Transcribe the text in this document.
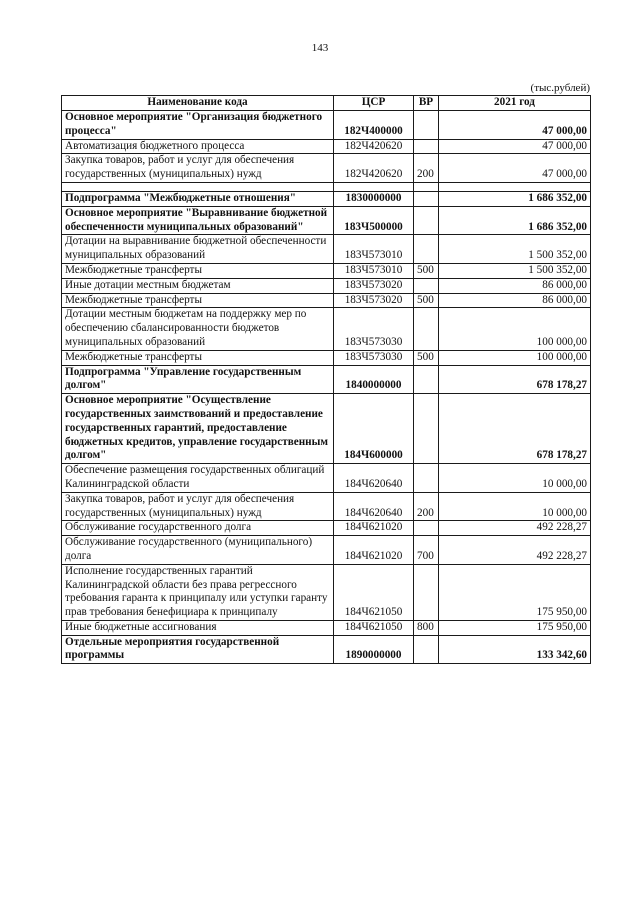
143
(тыс.рублей)
Наименование кода	ЦСР	ВР	2021 год
Основное мероприятие "Организация бюджетного процесса"	182Ч400000		47 000,00
Автоматизация бюджетного процесса	182Ч420620		47 000,00
Закупка товаров, работ и услуг для обеспечения государственных (муниципальных) нужд	182Ч420620	200	47 000,00

Подпрограмма "Межбюджетные отношения"	1830000000		1 686 352,00
Основное мероприятие "Выравнивание бюджетной обеспеченности муниципальных образований"	183Ч500000		1 686 352,00
Дотации на выравнивание бюджетной обеспеченности муниципальных образований	183Ч573010		1 500 352,00
Межбюджетные трансферты	183Ч573010	500	1 500 352,00
Иные дотации местным бюджетам	183Ч573020		86 000,00
Межбюджетные трансферты	183Ч573020	500	86 000,00
Дотации местным бюджетам на поддержку мер по обеспечению сбалансированности бюджетов муниципальных образований	183Ч573030		100 000,00
Межбюджетные трансферты	183Ч573030	500	100 000,00
Подпрограмма "Управление государственным долгом"	1840000000		678 178,27
Основное мероприятие "Осуществление государственных заимствований и предоставление государственных гарантий, предоставление бюджетных кредитов, управление государственным долгом"	184Ч600000		678 178,27
Обеспечение размещения государственных облигаций Калининградской области	184Ч620640		10 000,00
Закупка товаров, работ и услуг для обеспечения государственных (муниципальных) нужд	184Ч620640	200	10 000,00
Обслуживание государственного долга	184Ч621020		492 228,27
Обслуживание государственного (муниципального) долга	184Ч621020	700	492 228,27
Исполнение государственных гарантий Калининградской области без права регрессного требования гаранта к принципалу или уступки гаранту прав требования бенефициара к принципалу	184Ч621050		175 950,00
Иные бюджетные ассигнования	184Ч621050	800	175 950,00
Отдельные мероприятия государственной программы	1890000000		133 342,60
